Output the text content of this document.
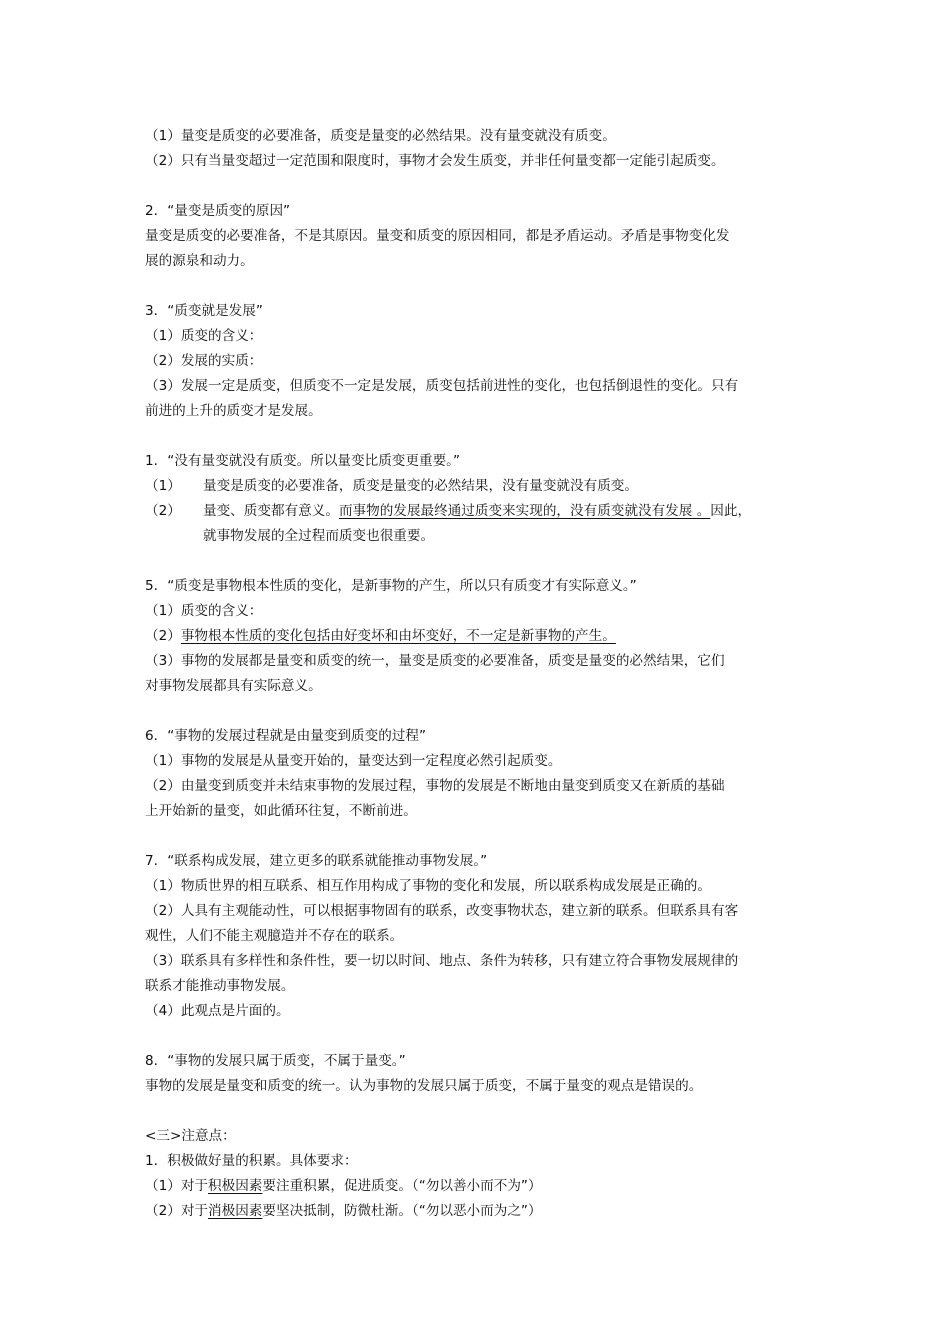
（1）量变是质变的必要准备，质变是量变的必然结果。没有量变就没有质变。
（2）只有当量变超过一定范围和限度时，事物才会发生质变，并非任何量变都一定能引起质变。
2．“量变是质变的原因”
量变是质变的必要准备，不是其原因。量变和质变的原因相同，都是矛盾运动。矛盾是事物变化发
展的源泉和动力。
3．“质变就是发展”
（1）质变的含义：
（2）发展的实质：
（3）发展一定是质变，但质变不一定是发展，质变包括前进性的变化，也包括倒退性的变化。只有
前进的上升的质变才是发展。
1．“没有量变就没有质变。所以量变比质变更重要。”
（1）	量变是质变的必要准备，质变是量变的必然结果，没有量变就没有质变。
（2）	量变、质变都有意义。而事物的发展最终通过质变来实现的，没有质变就没有发展 。因此，
就事物发展的全过程而质变也很重要。
5．“质变是事物根本性质的变化，是新事物的产生，所以只有质变才有实际意义。”
（1）质变的含义：
（2）事物根本性质的变化包括由好变坏和由坏变好，不一定是新事物的产生。
（3）事物的发展都是量变和质变的统一，量变是质变的必要准备，质变是量变的必然结果，它们
对事物发展都具有实际意义。
6．“事物的发展过程就是由量变到质变的过程”
（1）事物的发展是从量变开始的，量变达到一定程度必然引起质变。
（2）由量变到质变并未结束事物的发展过程，事物的发展是不断地由量变到质变又在新质的基础
上开始新的量变，如此循环往复，不断前进。
7．“联系构成发展，建立更多的联系就能推动事物发展。”
（1）物质世界的相互联系、相互作用构成了事物的变化和发展，所以联系构成发展是正确的。
（2）人具有主观能动性，可以根据事物固有的联系，改变事物状态，建立新的联系。但联系具有客
观性，人们不能主观臆造并不存在的联系。
（3）联系具有多样性和条件性，要一切以时间、地点、条件为转移，只有建立符合事物发展规律的
联系才能推动事物发展。
（4）此观点是片面的。
8．“事物的发展只属于质变，不属于量变。”
事物的发展是量变和质变的统一。认为事物的发展只属于质变，不属于量变的观点是错误的。
<三>注意点：
1．积极做好量的积累。具体要求：
（1）对于积极因素要注重积累，促进质变。（“勿以善小而不为”）
（2）对于消极因素要坚决抵制，防微杜渐。（“勿以恶小而为之”）
